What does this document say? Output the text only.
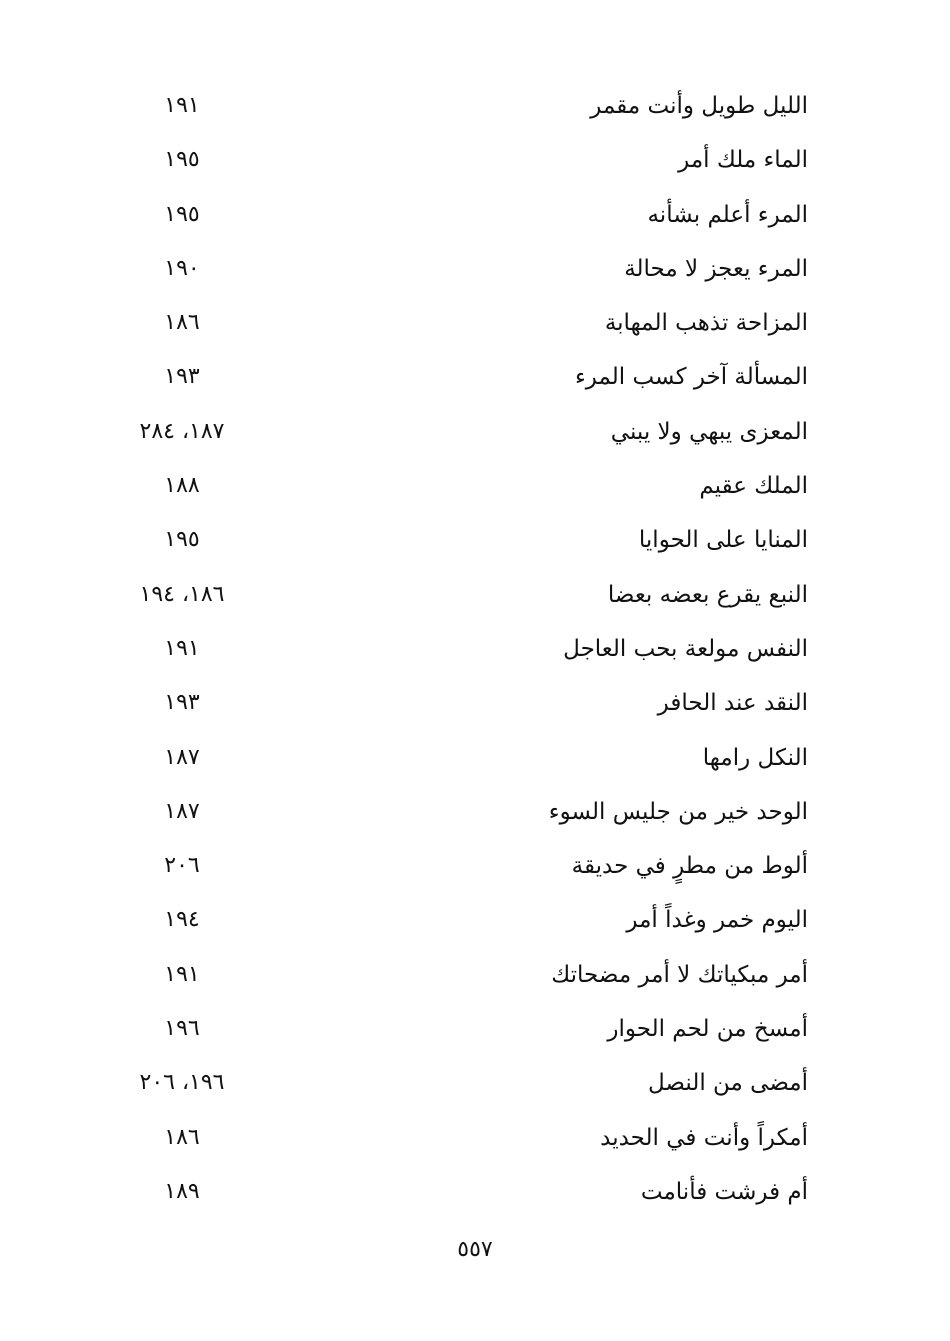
الليل طويل وأنت مقمر
١٩١
الماء ملك أمر
١٩٥
المرء أعلم بشأنه
١٩٥
المرء يعجز لا محالة
١٩٠
المزاحة تذهب المهابة
١٨٦
المسألة آخر كسب المرء
١٩٣
المعزى يبهي ولا يبني
١٨٧، ٢٨٤
الملك عقيم
١٨٨
المنايا على الحوايا
١٩٥
النبع يقرع بعضه بعضا
١٨٦، ١٩٤
النفس مولعة بحب العاجل
١٩١
النقد عند الحافر
١٩٣
النكل رامها
١٨٧
الوحد خير من جليس السوء
١٨٧
ألوط من مطرٍ في حديقة
٢٠٦
اليوم خمر وغداً أمر
١٩٤
أمر مبكياتك لا أمر مضحاتك
١٩١
أمسخ من لحم الحوار
١٩٦
أمضى من النصل
١٩٦، ٢٠٦
أمكراً وأنت في الحديد
١٨٦
أم فرشت فأنامت
١٨٩
٥٥٧
